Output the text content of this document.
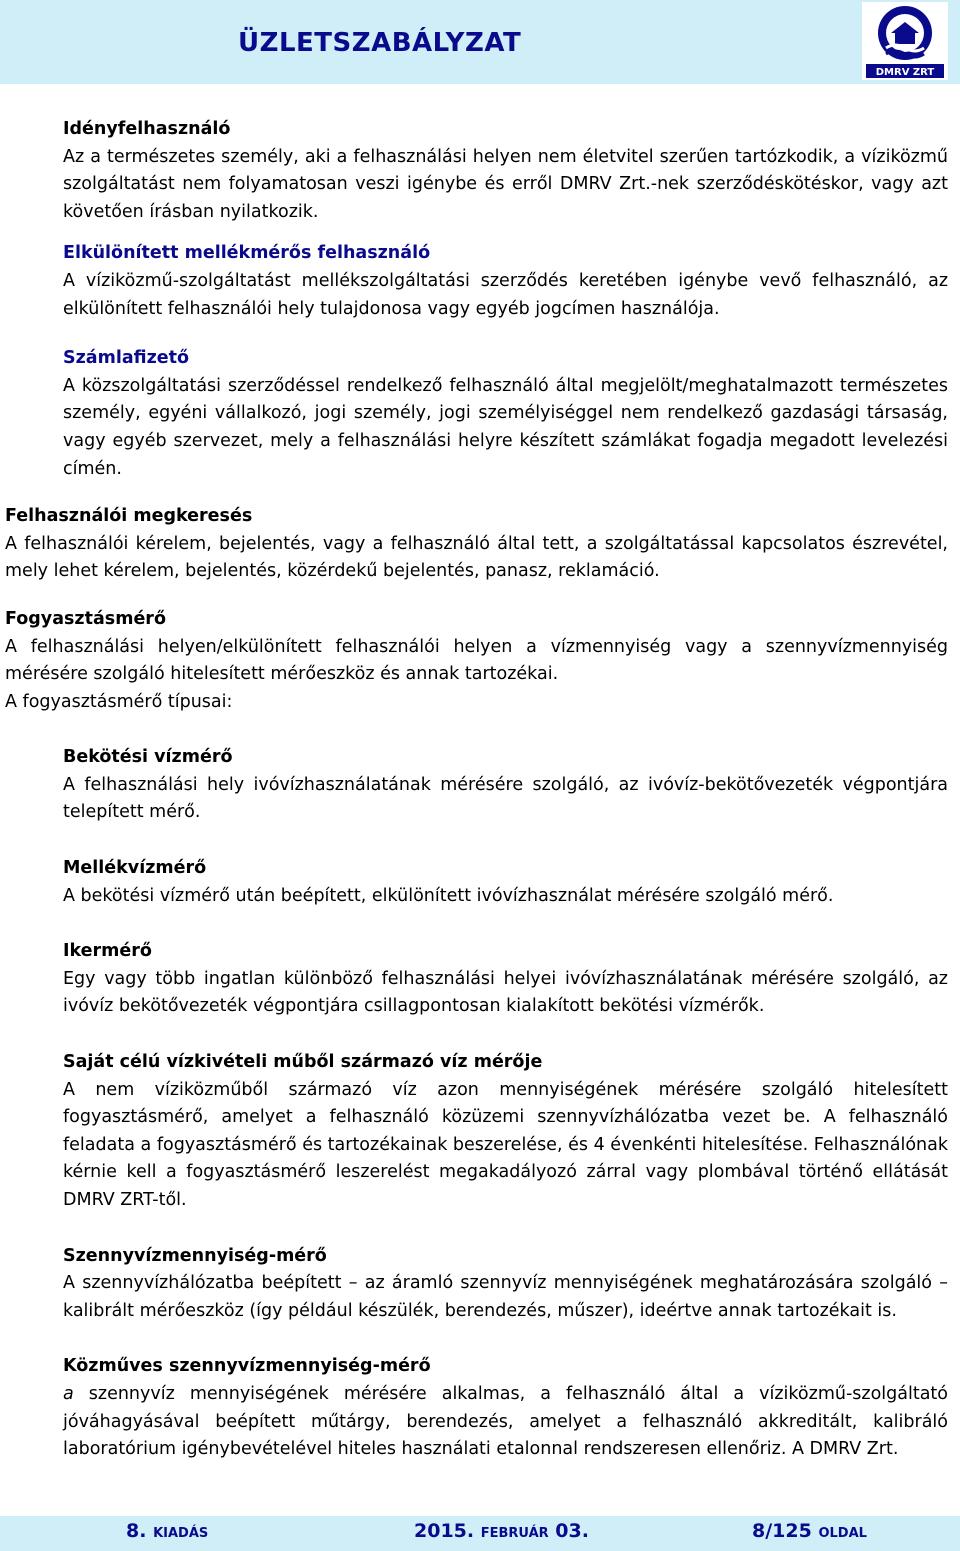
ÜZLETSZABÁLYZAT
DMRV ZRT
Idényfelhasználó

Az a természetes személy, aki a felhasználási helyen nem életvitel szerűen tartózkodik, a víziközmű szolgáltatást nem folyamatosan veszi igénybe és erről DMRV Zrt.-nek szerződéskötéskor, vagy azt követően írásban nyilatkozik.

Elkülönített mellékmérős felhasználó

A víziközmű-szolgáltatást mellékszolgáltatási szerződés keretében igénybe vevő felhasználó, az elkülönített felhasználói hely tulajdonosa vagy egyéb jogcímen használója.

Számlafizető

A közszolgáltatási szerződéssel rendelkező felhasználó által megjelölt/meghatalmazott természetes személy, egyéni vállalkozó, jogi személy, jogi személyiséggel nem rendelkező gazdasági társaság, vagy egyéb szervezet, mely a felhasználási helyre készített számlákat fogadja megadott levelezési címén.

Felhasználói megkeresés

A felhasználói kérelem, bejelentés, vagy a felhasználó által tett, a szolgáltatással kapcsolatos észrevétel, mely lehet kérelem, bejelentés, közérdekű bejelentés, panasz, reklamáció.

Fogyasztásmérő

A felhasználási helyen/elkülönített felhasználói helyen a vízmennyiség vagy a szennyvízmennyiség mérésére szolgáló hitelesített mérőeszköz és annak tartozékai.

A fogyasztásmérő típusai:

Bekötési vízmérő

A felhasználási hely ivóvízhasználatának mérésére szolgáló, az ivóvíz-bekötővezeték végpontjára telepített mérő.

Mellékvízmérő

A bekötési vízmérő után beépített, elkülönített ivóvízhasználat mérésére szolgáló mérő.

Ikermérő

Egy vagy több ingatlan különböző felhasználási helyei ivóvízhasználatának mérésére szolgáló, az ivóvíz bekötővezeték végpontjára csillagpontosan kialakított bekötési vízmérők.

Saját célú vízkivételi műből származó víz mérője

A nem víziközműből származó víz azon mennyiségének mérésére szolgáló hitelesített fogyasztásmérő, amelyet a felhasználó közüzemi szennyvízhálózatba vezet be. A felhasználó feladata a fogyasztásmérő és tartozékainak beszerelése, és 4 évenkénti hitelesítése. Felhasználónak kérnie kell a fogyasztásmérő leszerelést megakadályozó zárral vagy plombával történő ellátását DMRV ZRT-től.

Szennyvízmennyiség-mérő

A szennyvízhálózatba beépített – az áramló szennyvíz mennyiségének meghatározására szolgáló – kalibrált mérőeszköz (így például készülék, berendezés, műszer), ideértve annak tartozékait is.

Közműves szennyvízmennyiség-mérő

a szennyvíz mennyiségének mérésére alkalmas, a felhasználó által a víziközmű-szolgáltató jóváhagyásával beépített műtárgy, berendezés, amelyet a felhasználó akkreditált, kalibráló laboratórium igénybevételével hiteles használati etalonnal rendszeresen ellenőriz. A DMRV Zrt.

8. KIADÁS	2015. FEBRUÁR 03.	8/125 OLDAL
